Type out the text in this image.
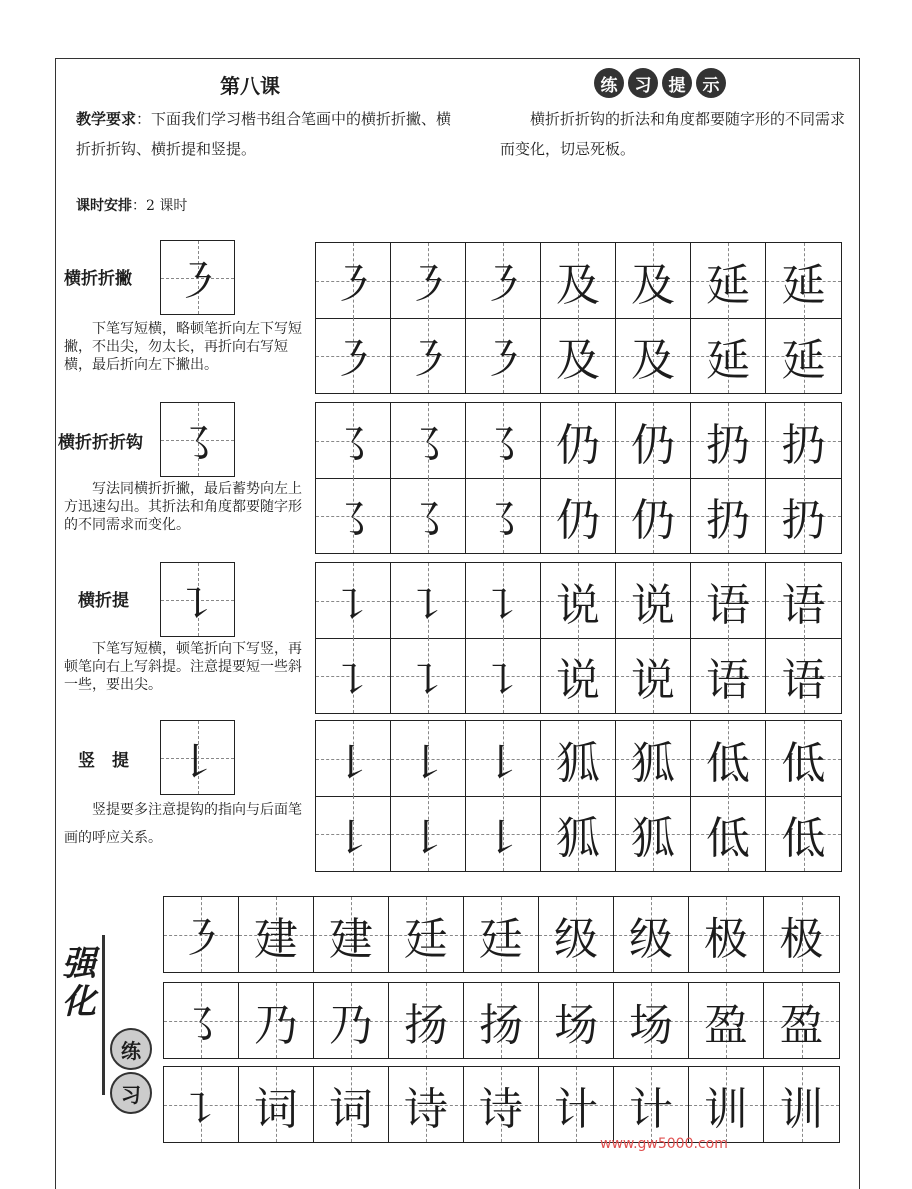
第八课
教学要求：下面我们学习楷书组合笔画中的横折折撇、横折折折钩、横折提和竖提。
课时安排：2 课时
练	习	提	示
横折折折钩的折法和角度都要随字形的不同需求而变化，切忌死板。
横折折撇 ㇋
下笔写短横，略顿笔折向左下写短撇，不出尖，勿太长，再折向右写短横，最后折向左下撇出。
㇋ ㇋ ㇋ 及 及 延 延
㇋ ㇋ ㇋ 及 及 延 延
横折折折钩 ㇌
写法同横折折撇，最后蓄势向左上方迅速勾出。其折法和角度都要随字形的不同需求而变化。
㇌ ㇌ ㇌ 仍 仍 扔 扔
㇌ ㇌ ㇌ 仍 仍 扔 扔
横折提	㇊
下笔写短横，顿笔折向下写竖，再顿笔向右上写斜提。注意提要短一些斜一些，要出尖。
㇊ ㇊ ㇊ 说 说 语 语
㇊ ㇊ ㇊ 说 说 语 语
竖　提	㇙
竖提要多注意提钩的指向与后面笔画的呼应关系。
㇙ ㇙ ㇙ 狐 狐 低 低
㇙ ㇙ ㇙ 狐 狐 低 低
强化
练
习
㇋ 建 建 廷 廷 级 级 极 极
㇌ 乃 乃 扬 扬 场 场 盈 盈
㇊ 词 词 诗 诗 计 计 训 训
www.gw5000.com
